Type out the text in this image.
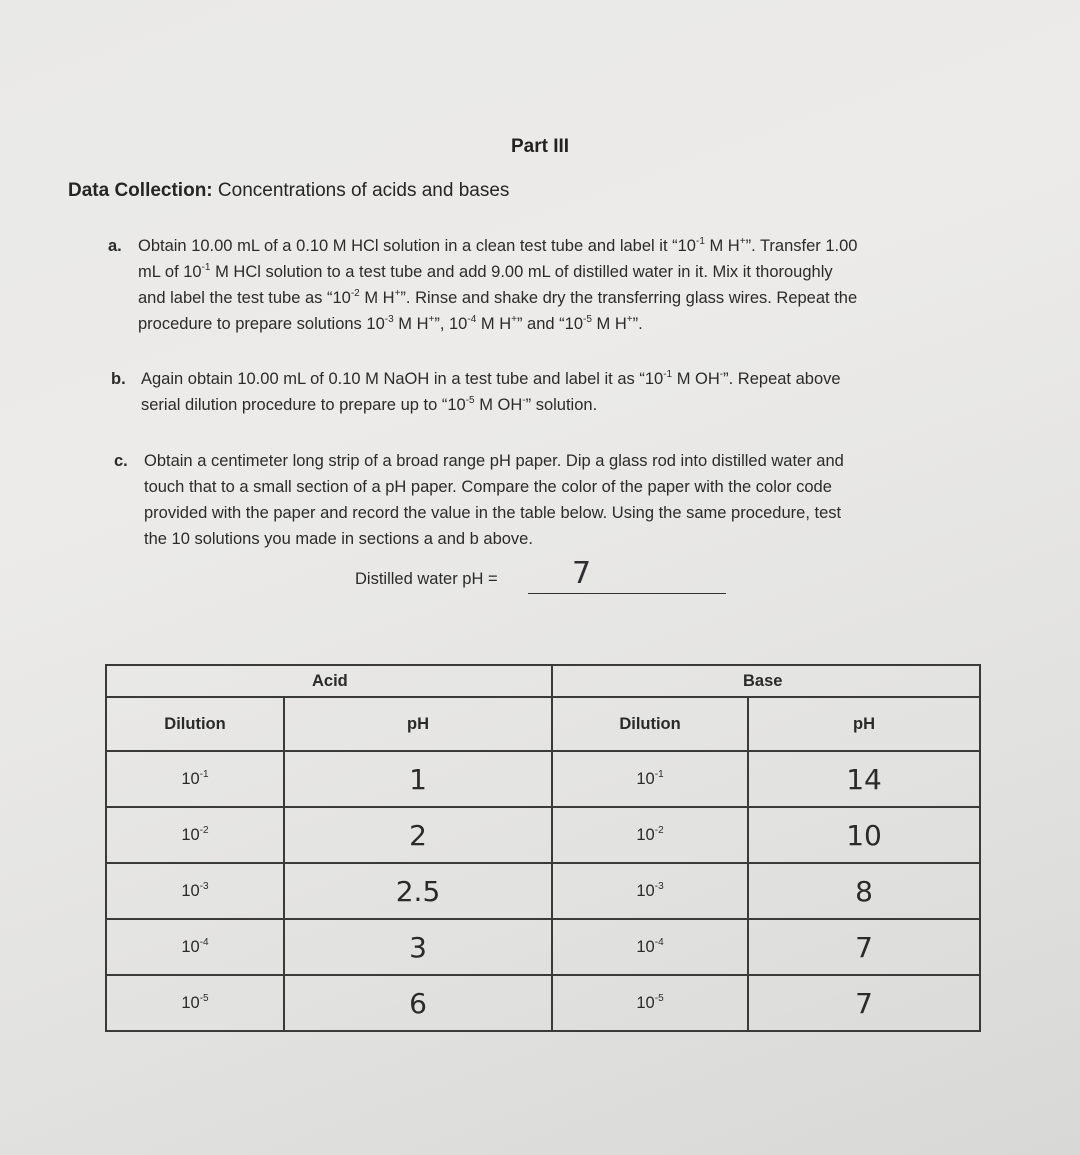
Part III
Data Collection: Concentrations of acids and bases
a. Obtain 10.00 mL of a 0.10 M HCl solution in a clean test tube and label it “$10^{-1}$ M H+”. Transfer 1.00

mL of $10^{-1}$ M HCl solution to a test tube and add 9.00 mL of distilled water in it. Mix it thoroughly

and label the test tube as “$10^{-2}$ M H+”. Rinse and shake dry the transferring glass wires. Repeat the

procedure to prepare solutions $10^{-3}$ M H+”, $10^{-4}$ M H+” and “$10^{-5}$ M H+”.

b. Again obtain 10.00 mL of 0.10 M NaOH in a test tube and label it as “$10^{-1}$ M OH-”. Repeat above

serial dilution procedure to prepare up to “$10^{-5}$ M OH-” solution.

c. Obtain a centimeter long strip of a broad range pH paper. Dip a glass rod into distilled water and

touch that to a small section of a pH paper. Compare the color of the paper with the color code

provided with the paper and record the value in the table below. Using the same procedure, test

the 10 solutions you made in sections a and b above.

Distilled water pH = 7
Acid		Base	
Dilution	pH	Dilution	pH
$10^{-1}$	1	$10^{-1}$	14
$10^{-2}$	2	$10^{-2}$	10
$10^{-3}$	2.5	$10^{-3}$	8
$10^{-4}$	3	$10^{-4}$	7
$10^{-5}$	6	$10^{-5}$	7
